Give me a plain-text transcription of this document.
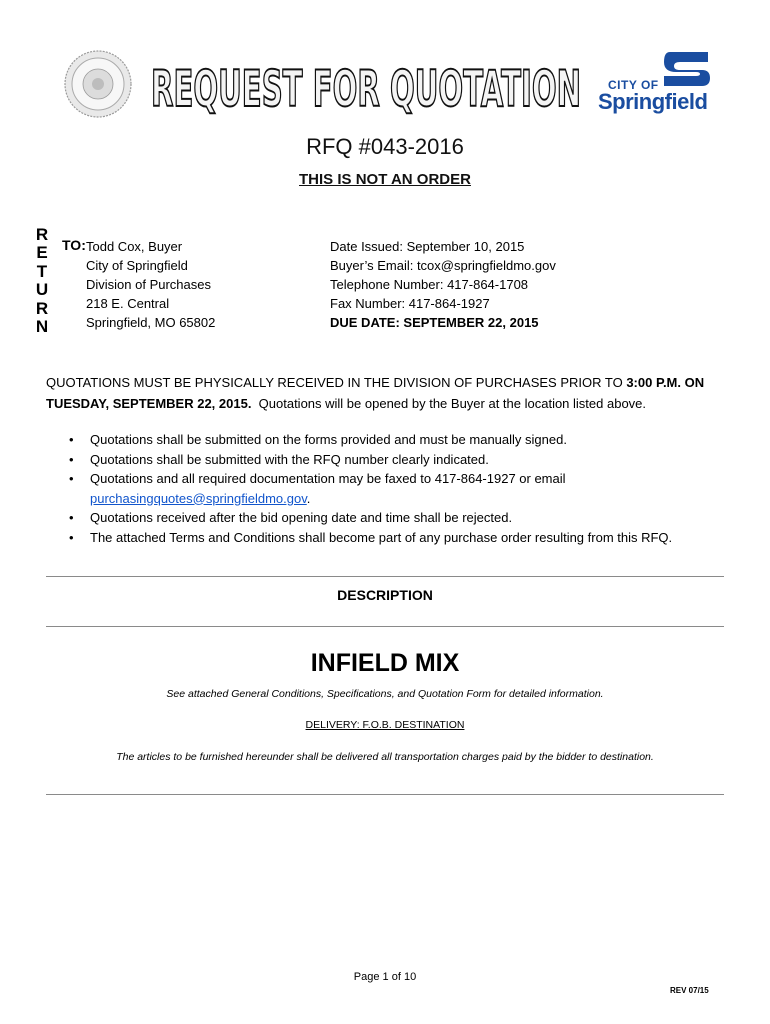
REQUEST FOR QUOTATION CITY OF
Springfield
RFQ #043-2016
THIS IS NOT AN ORDER
R
E
T
U
R
N
TO: Todd Cox, Buyer
City of Springfield
Division of Purchases
218 E. Central
Springfield, MO 65802
Date Issued: September 10, 2015
Buyer’s Email: tcox@springfieldmo.gov
Telephone Number: 417-864-1708
Fax Number: 417-864-1927
DUE DATE: SEPTEMBER 22, 2015
QUOTATIONS MUST BE PHYSICALLY RECEIVED IN THE DIVISION OF PURCHASES PRIOR TO 3:00 P.M. ON TUESDAY, SEPTEMBER 22, 2015.  Quotations will be opened by the Buyer at the location listed above.
• Quotations shall be submitted on the forms provided and must be manually signed.
• Quotations shall be submitted with the RFQ number clearly indicated.
• Quotations and all required documentation may be faxed to 417-864-1927 or email
purchasingquotes@springfieldmo.gov.
• Quotations received after the bid opening date and time shall be rejected.
• The attached Terms and Conditions shall become part of any purchase order resulting from this RFQ.
DESCRIPTION
INFIELD MIX
See attached General Conditions, Specifications, and Quotation Form for detailed information.
DELIVERY: F.O.B. DESTINATION
The articles to be furnished hereunder shall be delivered all transportation charges paid by the bidder to destination.
Page 1 of 10
REV 07/15
